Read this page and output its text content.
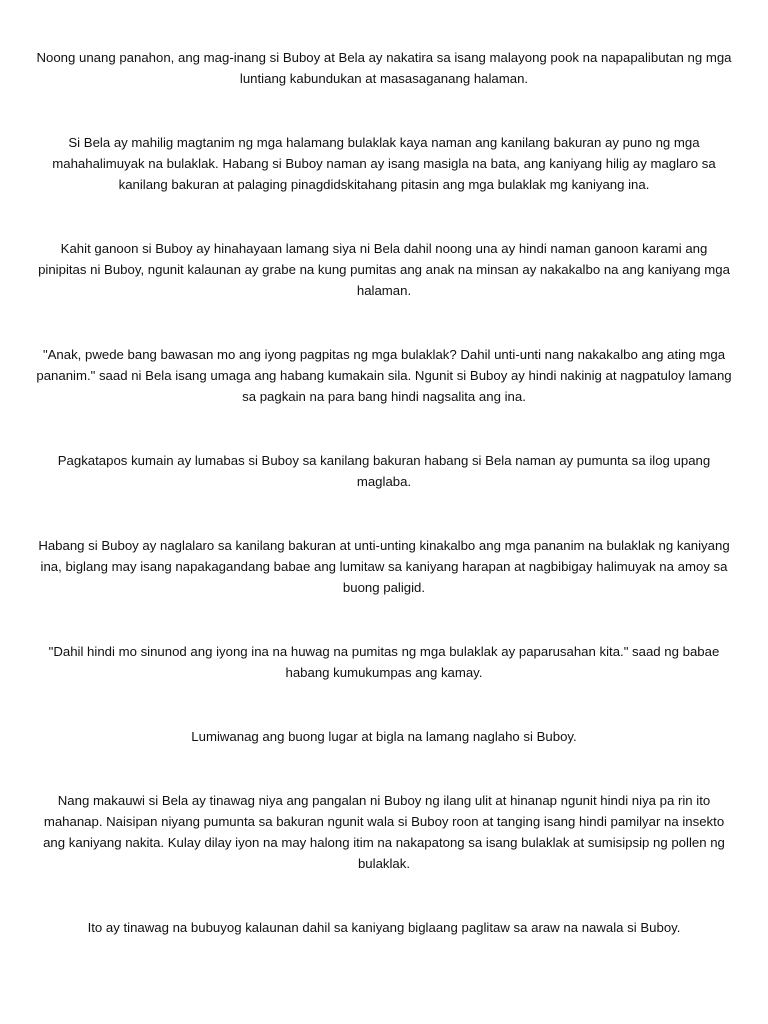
Noong unang panahon, ang mag-inang si Buboy at Bela ay nakatira sa isang malayong pook na napapalibutan ng mga luntiang kabundukan at masasaganang halaman.

Si Bela ay mahilig magtanim ng mga halamang bulaklak kaya naman ang kanilang bakuran ay puno ng mga mahahalimuyak na bulaklak. Habang si Buboy naman ay isang masigla na bata, ang kaniyang hilig ay maglaro sa kanilang bakuran at palaging pinagdidskitahang pitasin ang mga bulaklak mg kaniyang ina.

Kahit ganoon si Buboy ay hinahayaan lamang siya ni Bela dahil noong una ay hindi naman ganoon karami ang pinipitas ni Buboy, ngunit kalaunan ay grabe na kung pumitas ang anak na minsan ay nakakalbo na ang kaniyang mga halaman.

"Anak, pwede bang bawasan mo ang iyong pagpitas ng mga bulaklak? Dahil unti-unti nang nakakalbo ang ating mga pananim." saad ni Bela isang umaga ang habang kumakain sila. Ngunit si Buboy ay hindi nakinig at nagpatuloy lamang sa pagkain na para bang hindi nagsalita ang ina.

Pagkatapos kumain ay lumabas si Buboy sa kanilang bakuran habang si Bela naman ay pumunta sa ilog upang maglaba.

Habang si Buboy ay naglalaro sa kanilang bakuran at unti-unting kinakalbo ang mga pananim na bulaklak ng kaniyang ina, biglang may isang napakagandang babae ang lumitaw sa kaniyang harapan at nagbibigay halimuyak na amoy sa buong paligid.

"Dahil hindi mo sinunod ang iyong ina na huwag na pumitas ng mga bulaklak ay paparusahan kita." saad ng babae habang kumukumpas ang kamay.

Lumiwanag ang buong lugar at bigla na lamang naglaho si Buboy.

Nang makauwi si Bela ay tinawag niya ang pangalan ni Buboy ng ilang ulit at hinanap ngunit hindi niya pa rin ito mahanap. Naisipan niyang pumunta sa bakuran ngunit wala si Buboy roon at tanging isang hindi pamilyar na insekto ang kaniyang nakita. Kulay dilay iyon na may halong itim na nakapatong sa isang bulaklak at sumisipsip ng pollen ng bulaklak.

Ito ay tinawag na bubuyog kalaunan dahil sa kaniyang biglaang paglitaw sa araw na nawala si Buboy.
